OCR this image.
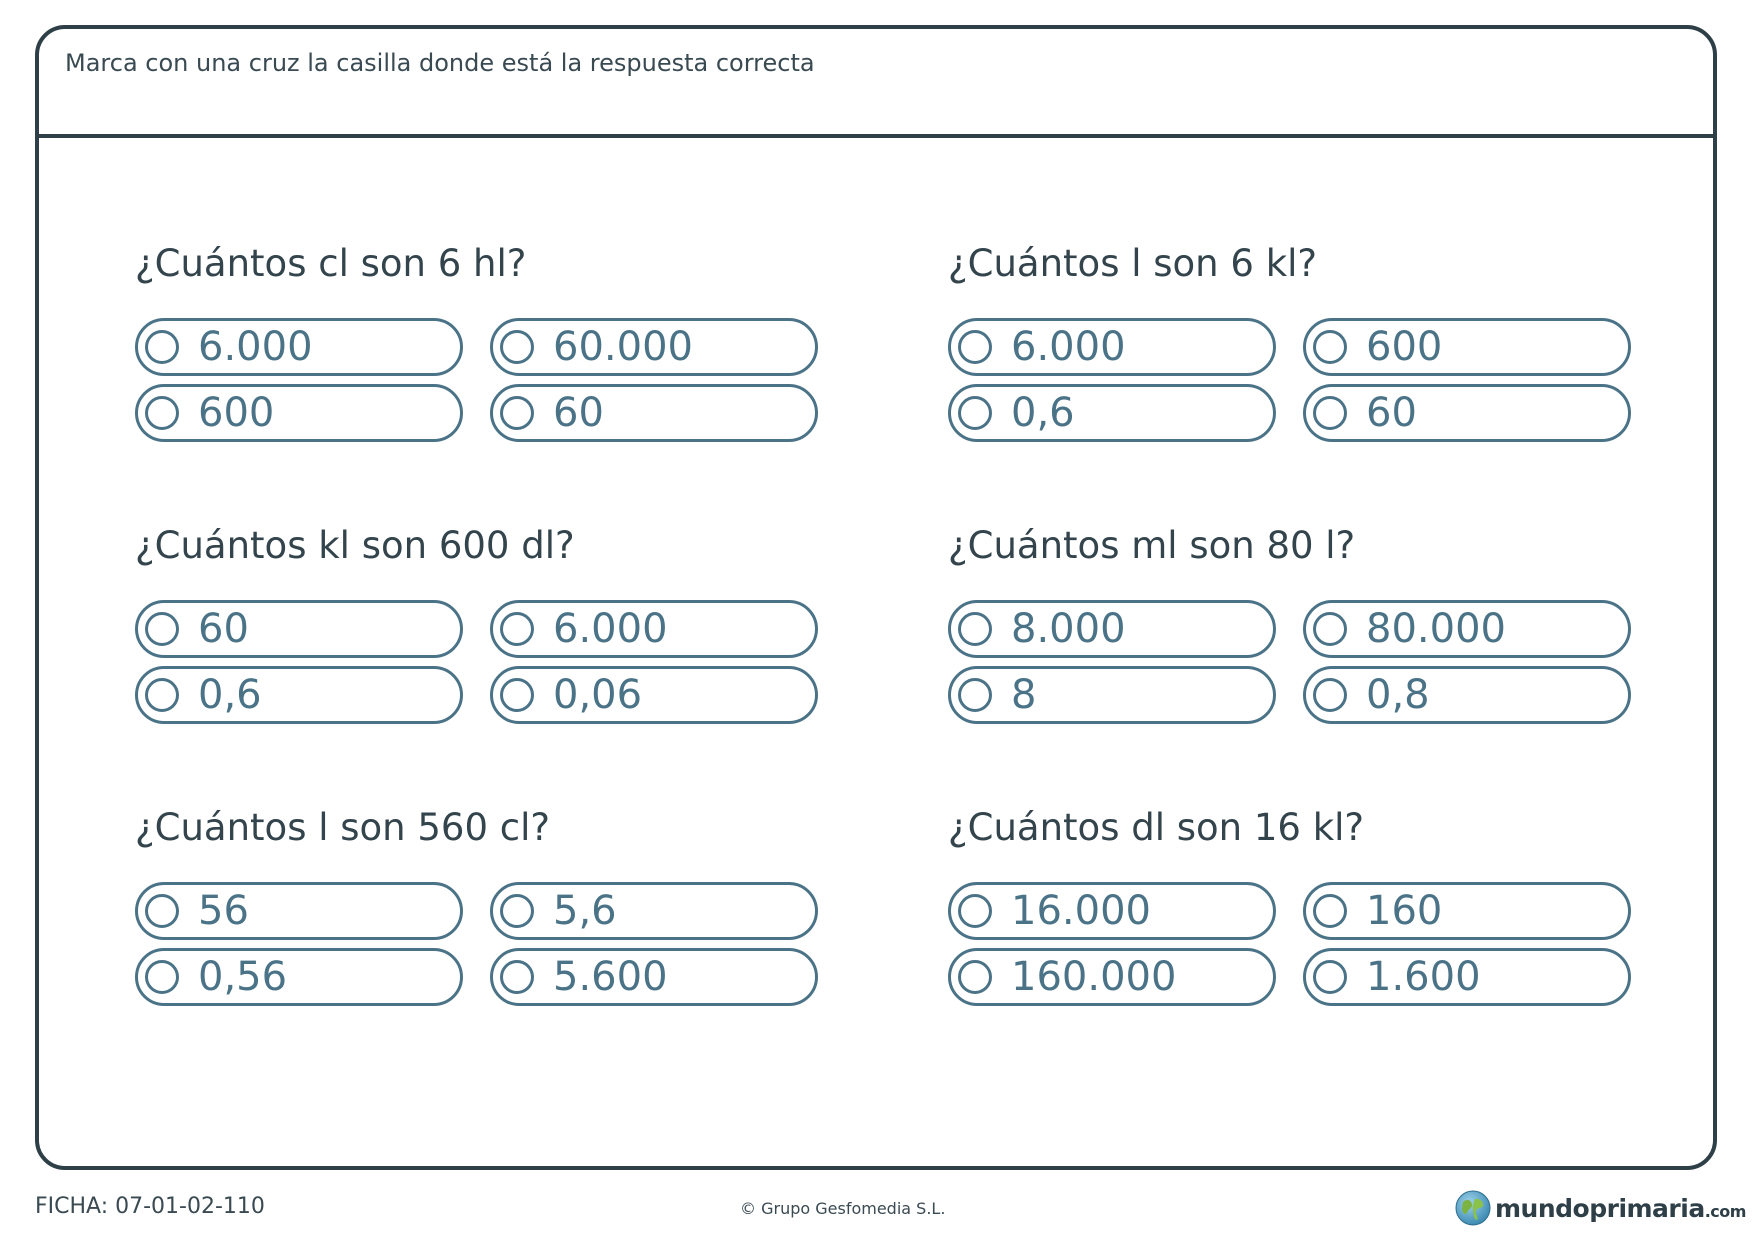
Marca con una cruz la casilla donde está la respuesta correcta
¿Cuántos cl son 6 hl?
6.000	60.000
600	60
¿Cuántos l son 6 kl?
6.000	600
0,6	60
¿Cuántos kl son 600 dl?
60	6.000
0,6	0,06
¿Cuántos ml son 80 l?
8.000	80.000
8	0,8
¿Cuántos l son 560 cl?
56	5,6
0,56	5.600
¿Cuántos dl son 16 kl?
16.000	160
160.000	1.600
FICHA: 07-01-02-110	© Grupo Gesfomedia S.L.	mundoprimaria.com
